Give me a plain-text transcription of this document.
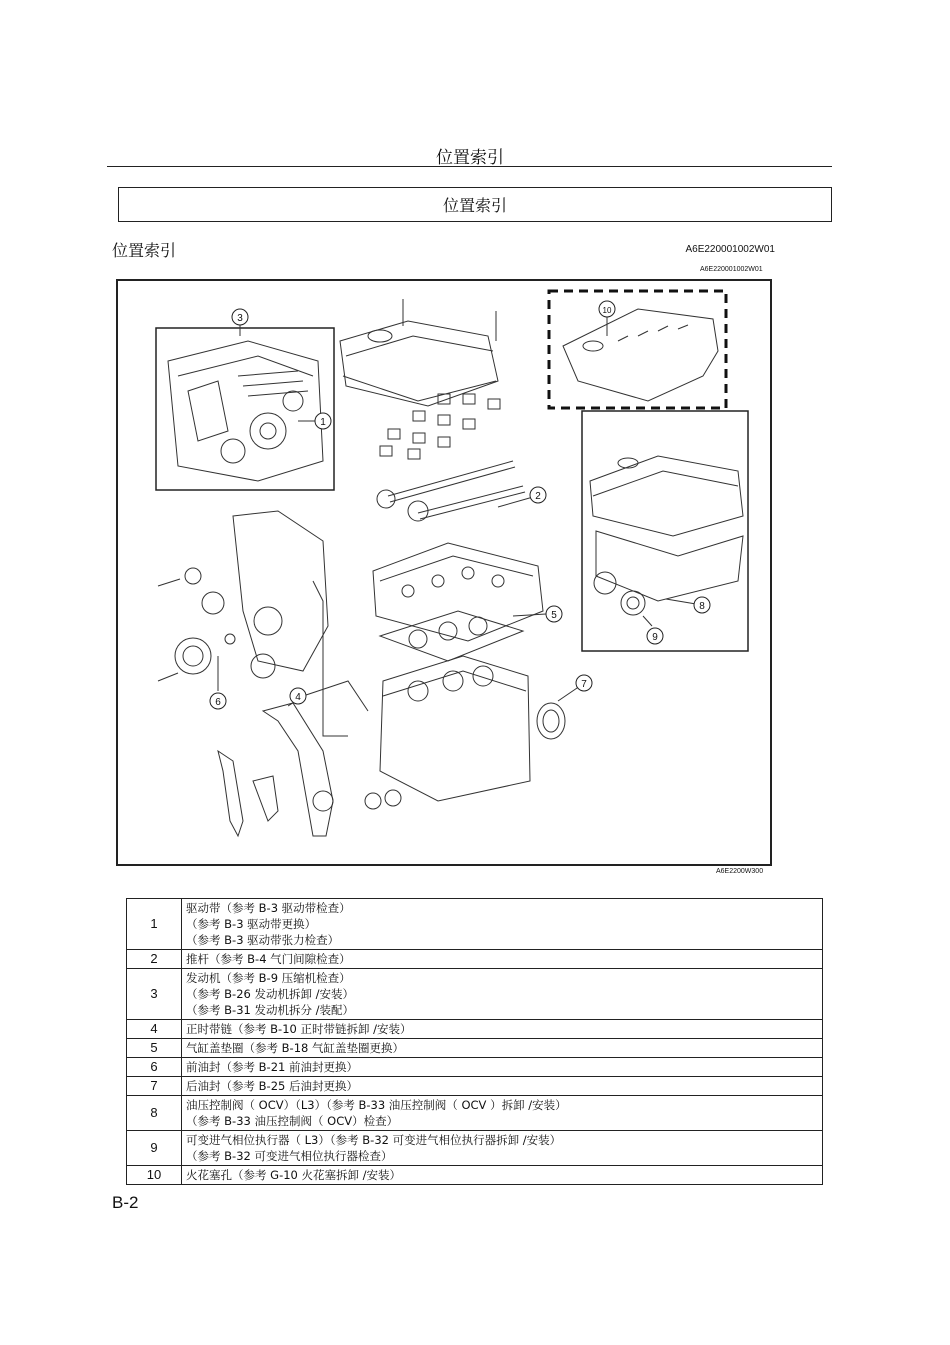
位置索引
位置索引
位置索引	A6E220001002W01
A6E220001002W01
1
2
3
4
5
6
7
8
9
10
A6E2200W300
1	驱动带（参考 B-3 驱动带检查）
（参考 B-3 驱动带更换）
（参考 B-3 驱动带张力检查）

2	推杆（参考 B-4 气门间隙检查）

3	发动机（参考 B-9 压缩机检查）
（参考 B-26 发动机拆卸 /安装）
（参考 B-31 发动机拆分 /装配）

4	正时带链（参考 B-10 正时带链拆卸 /安装）

5	气缸盖垫圈（参考 B-18 气缸盖垫圈更换）

6	前油封（参考 B-21 前油封更换）

7	后油封（参考 B-25 后油封更换）

8	油压控制阀（ OCV）（L3）（参考 B-33 油压控制阀（ OCV ）拆卸 /安装）
（参考 B-33 油压控制阀（ OCV）检查）

9	可变进气相位执行器（ L3）（参考 B-32 可变进气相位执行器拆卸 /安装）
（参考 B-32 可变进气相位执行器检查）

10	火花塞孔（参考 G-10 火花塞拆卸 /安装）
B-2
